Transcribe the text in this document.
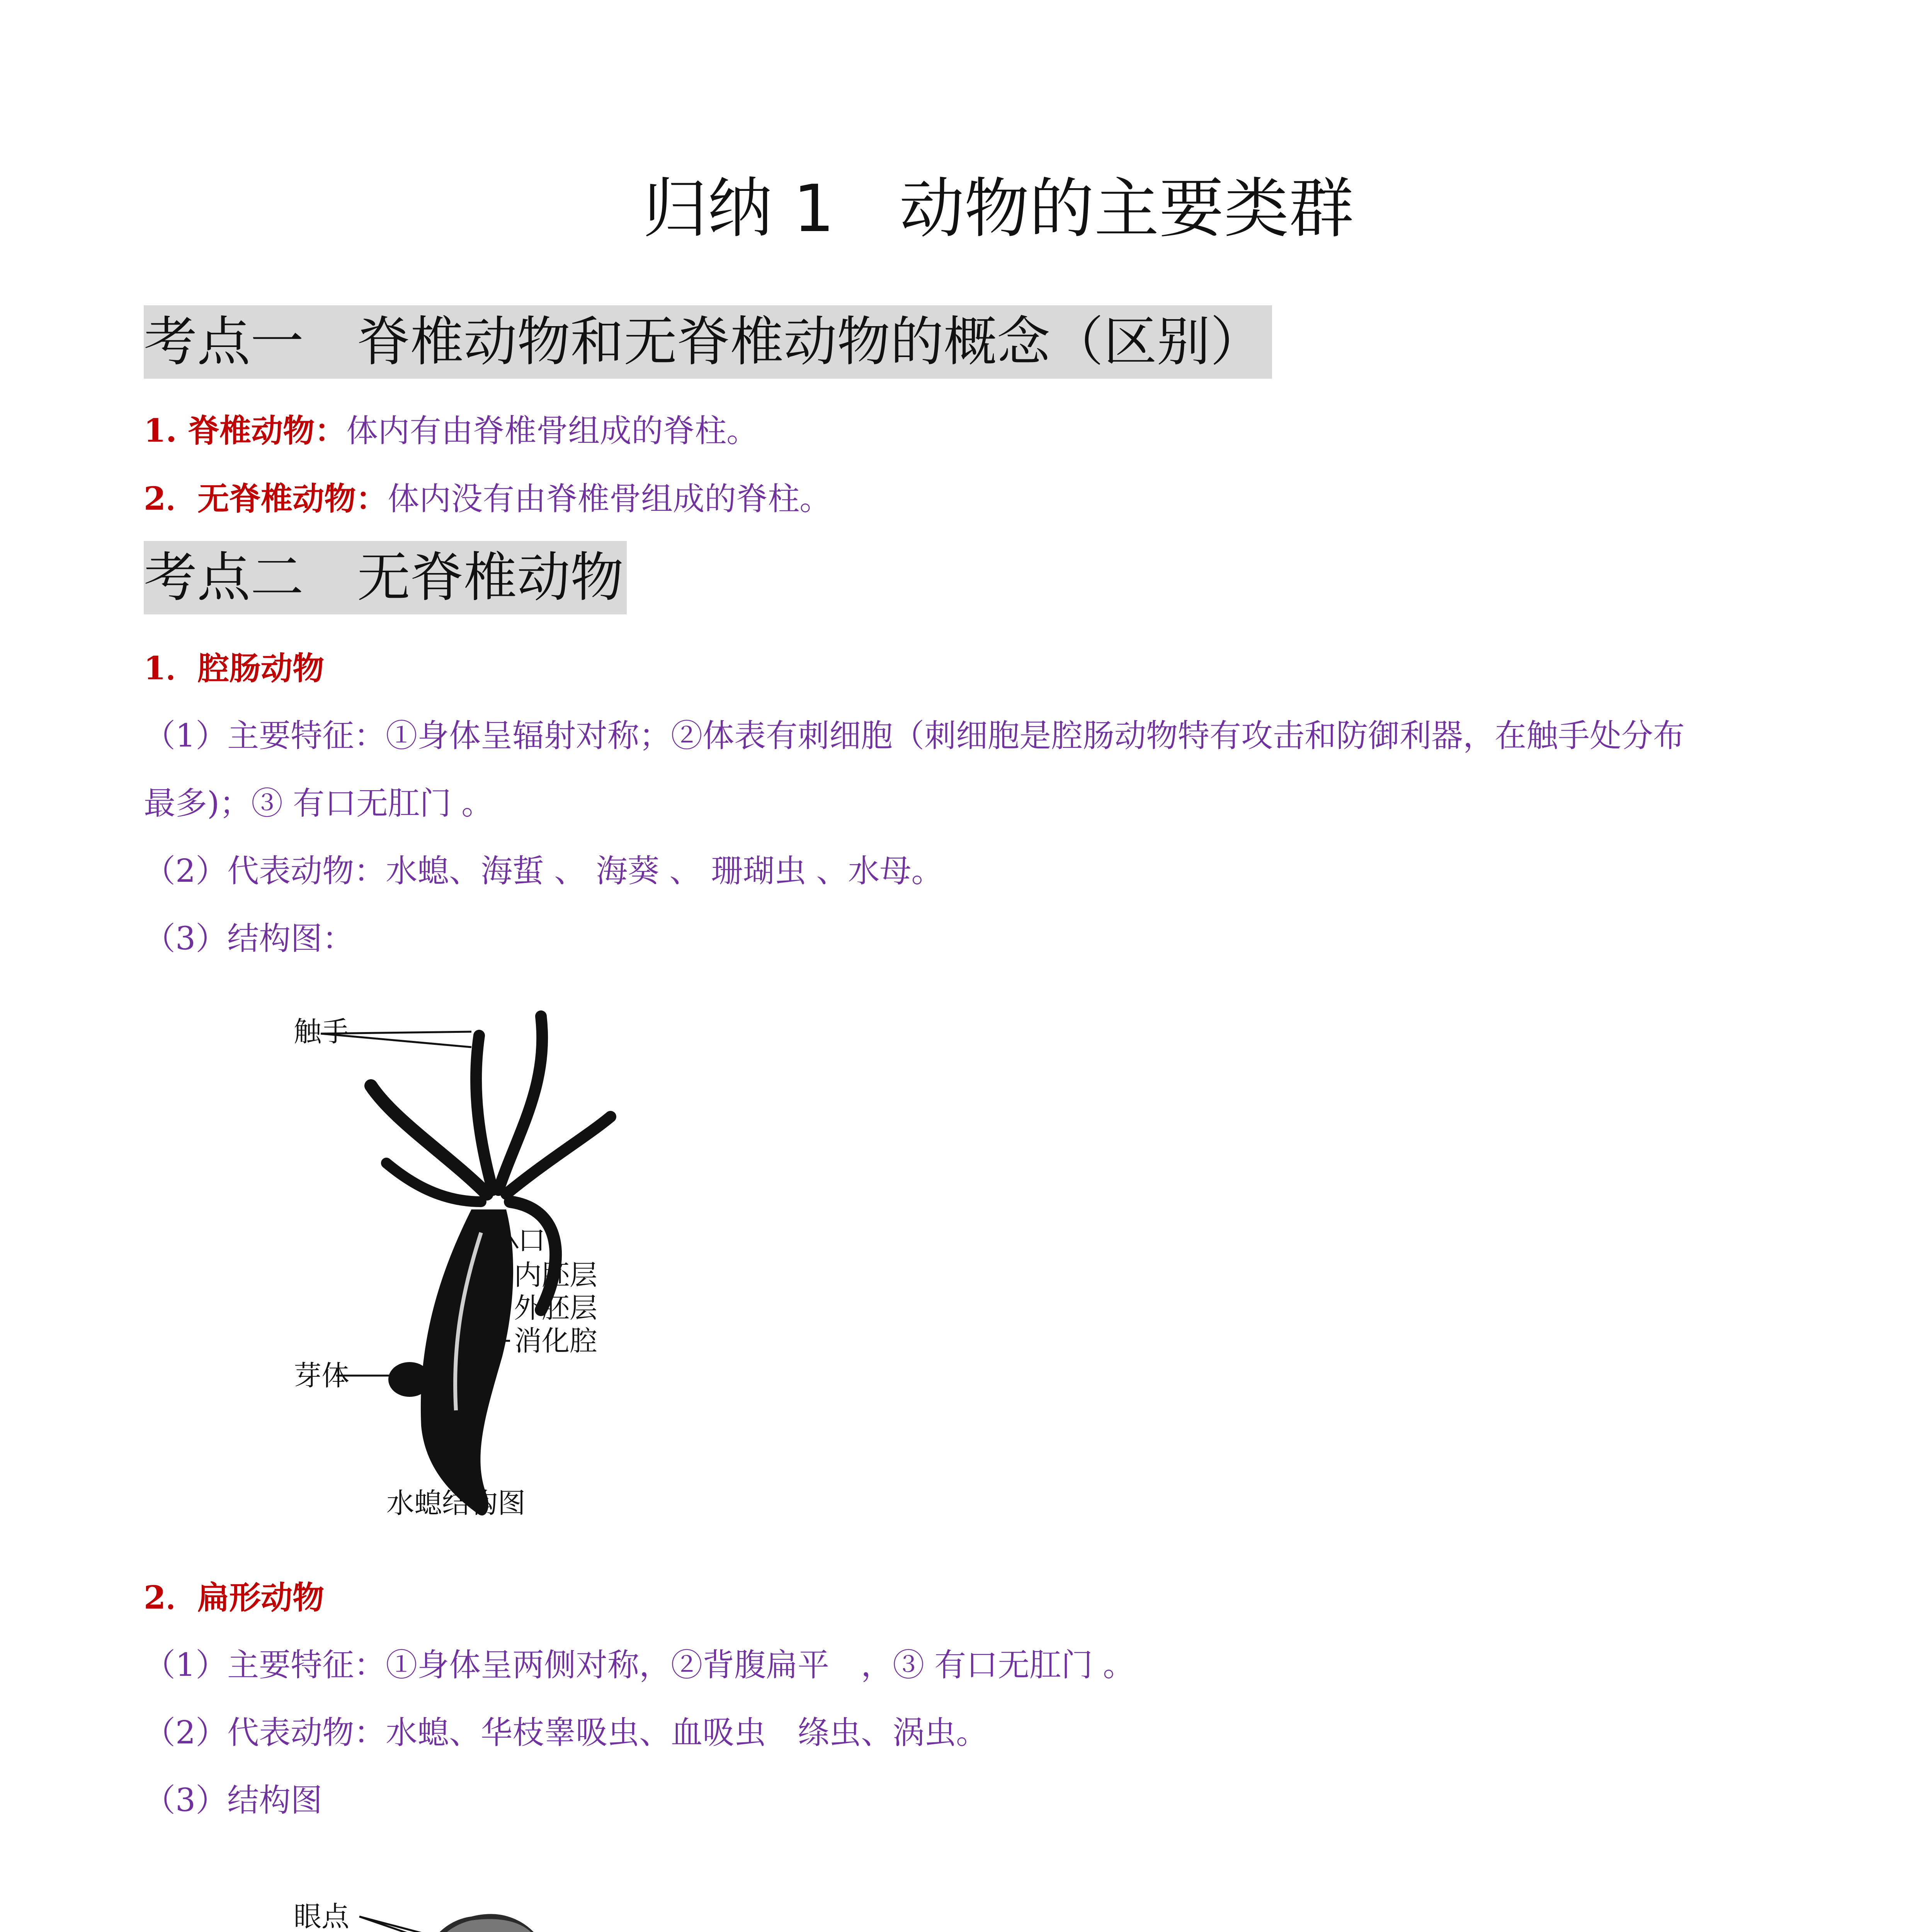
归纳 1　动物的主要类群
考点一　脊椎动物和无脊椎动物的概念（区别）
1. 脊椎动物：体内有由脊椎骨组成的脊柱。
2．无脊椎动物：体内没有由脊椎骨组成的脊柱。
考点二　无脊椎动物
1．腔肠动物
（1）主要特征：①身体呈辐射对称；②体表有刺细胞（刺细胞是腔肠动物特有攻击和防御利器，在触手处分布
最多)；③ 有口无肛门 。
（2）代表动物：水螅、海蜇 、 海葵 、 珊瑚虫 、水母。
（3）结构图：
触手
口
内胚层
外胚层
消化腔
芽体
水螅结构图
2．扁形动物
（1）主要特征：①身体呈两侧对称，②背腹扁平　，③ 有口无肛门 。
（2）代表动物：水螅、华枝睾吸虫、血吸虫　绦虫、涡虫。
（3）结构图
眼点
